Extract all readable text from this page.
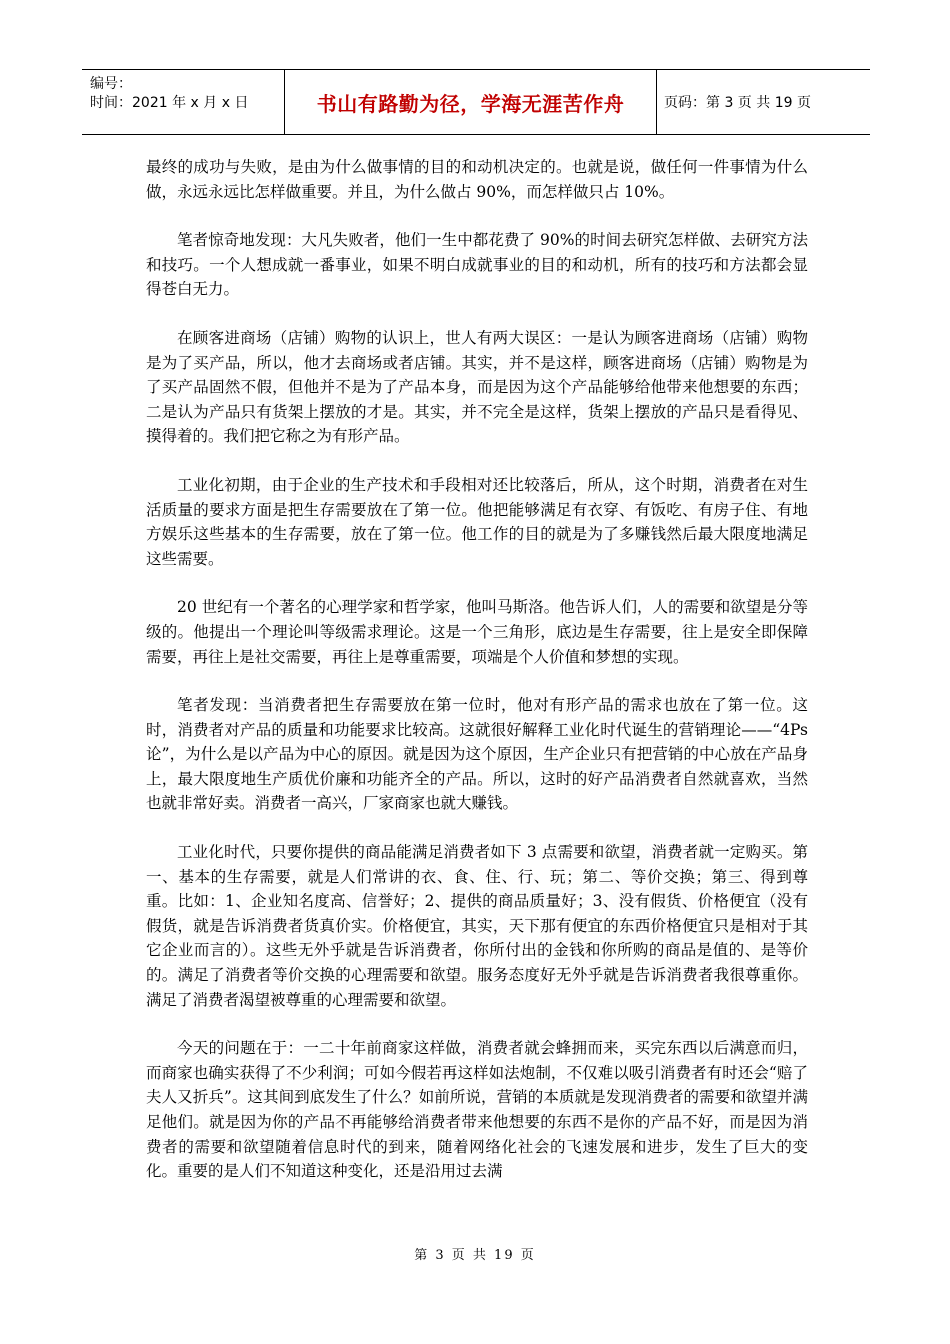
编号：
时间：2021 年 x 月 x 日	书山有路勤为径，学海无涯苦作舟	页码：第 3 页 共 19 页

最终的成功与失败，是由为什么做事情的目的和动机决定的。也就是说，做任何一件事情为什么做，永远永远比怎样做重要。并且，为什么做占 90%，而怎样做只占 10%。

笔者惊奇地发现：大凡失败者，他们一生中都花费了 90%的时间去研究怎样做、去研究方法和技巧。一个人想成就一番事业，如果不明白成就事业的目的和动机，所有的技巧和方法都会显得苍白无力。

在顾客进商场（店铺）购物的认识上，世人有两大误区：一是认为顾客进商场（店铺）购物是为了买产品，所以，他才去商场或者店铺。其实，并不是这样，顾客进商场（店铺）购物是为了买产品固然不假，但他并不是为了产品本身，而是因为这个产品能够给他带来他想要的东西；二是认为产品只有货架上摆放的才是。其实，并不完全是这样，货架上摆放的产品只是看得见、摸得着的。我们把它称之为有形产品。

工业化初期，由于企业的生产技术和手段相对还比较落后，所从，这个时期，消费者在对生活质量的要求方面是把生存需要放在了第一位。他把能够满足有衣穿、有饭吃、有房子住、有地方娱乐这些基本的生存需要，放在了第一位。他工作的目的就是为了多赚钱然后最大限度地满足这些需要。

20 世纪有一个著名的心理学家和哲学家，他叫马斯洛。他告诉人们，人的需要和欲望是分等级的。他提出一个理论叫等级需求理论。这是一个三角形，底边是生存需要，往上是安全即保障需要，再往上是社交需要，再往上是尊重需要，项端是个人价值和梦想的实现。

笔者发现：当消费者把生存需要放在第一位时，他对有形产品的需求也放在了第一位。这时，消费者对产品的质量和功能要求比较高。这就很好解释工业化时代诞生的营销理论——“4Ps 论”，为什么是以产品为中心的原因。就是因为这个原因，生产企业只有把营销的中心放在产品身上，最大限度地生产质优价廉和功能齐全的产品。所以，这时的好产品消费者自然就喜欢，当然也就非常好卖。消费者一高兴，厂家商家也就大赚钱。

工业化时代，只要你提供的商品能满足消费者如下 3 点需要和欲望，消费者就一定购买。第一、基本的生存需要，就是人们常讲的衣、食、住、行、玩；第二、等价交换；第三、得到尊重。比如：1、企业知名度高、信誉好；2、提供的商品质量好；3、没有假货、价格便宜（没有假货，就是告诉消费者货真价实。价格便宜，其实，天下那有便宜的东西价格便宜只是相对于其它企业而言的）。这些无外乎就是告诉消费者，你所付出的金钱和你所购的商品是值的、是等价的。满足了消费者等价交换的心理需要和欲望。服务态度好无外乎就是告诉消费者我很尊重你。满足了消费者渴望被尊重的心理需要和欲望。

今天的问题在于：一二十年前商家这样做，消费者就会蜂拥而来，买完东西以后满意而归，而商家也确实获得了不少利润；可如今假若再这样如法炮制，不仅难以吸引消费者有时还会“赔了夫人又折兵”。这其间到底发生了什么？如前所说，营销的本质就是发现消费者的需要和欲望并满足他们。就是因为你的产品不再能够给消费者带来他想要的东西不是你的产品不好，而是因为消费者的需要和欲望随着信息时代的到来，随着网络化社会的飞速发展和进步，发生了巨大的变化。重要的是人们不知道这种变化，还是沿用过去满

第 3 页 共 19 页
